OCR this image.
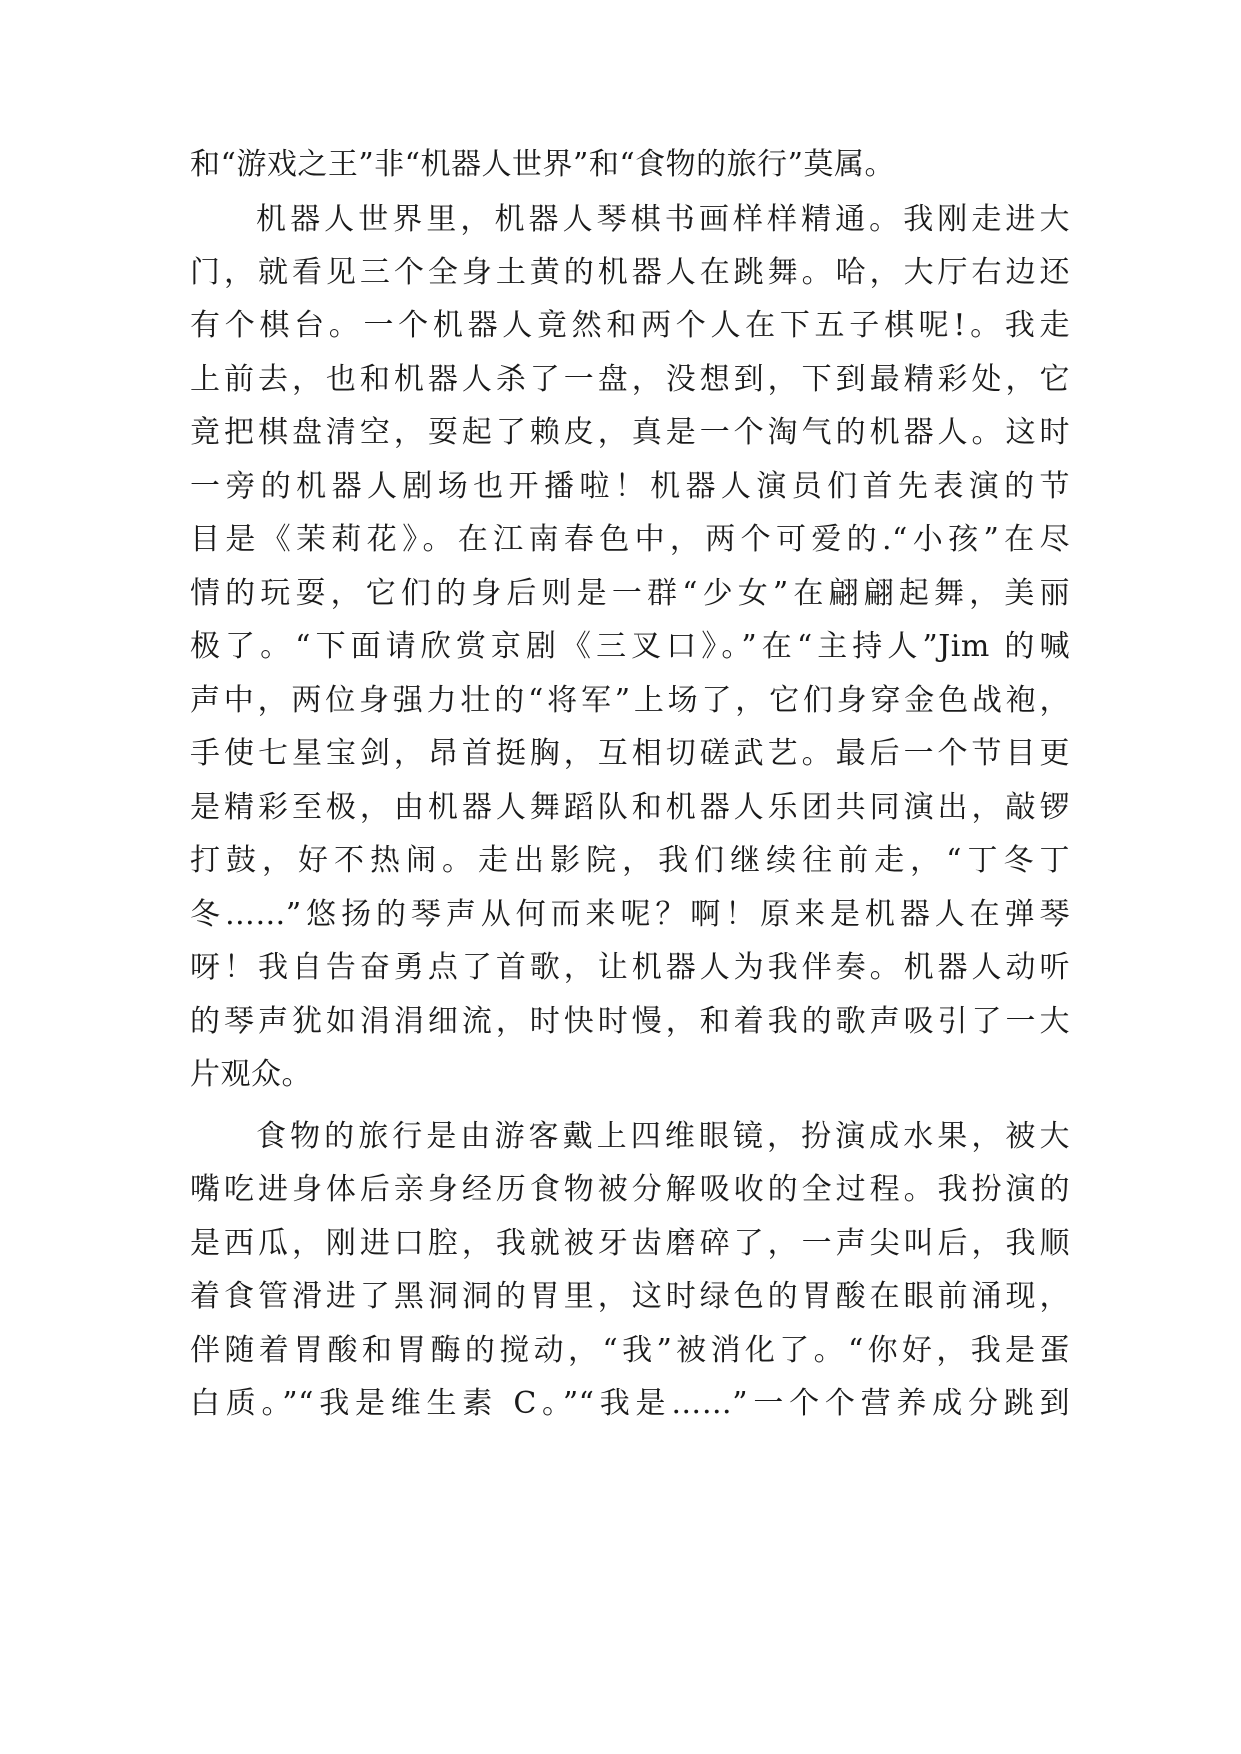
和“游戏之王”非“机器人世界”和“食物的旅行”莫属。
机器人世界里，机器人琴棋书画样样精通。我刚走进大
门，就看见三个全身土黄的机器人在跳舞。哈，大厅右边还
有个棋台。一个机器人竟然和两个人在下五子棋呢!。我走
上前去，也和机器人杀了一盘，没想到，下到最精彩处，它
竟把棋盘清空，耍起了赖皮，真是一个淘气的机器人。这时
一旁的机器人剧场也开播啦！机器人演员们首先表演的节
目是《茉莉花》。在江南春色中，两个可爱的.“小孩”在尽
情的玩耍，它们的身后则是一群“少女”在翩翩起舞，美丽
极了。“下面请欣赏京剧《三叉口》。”在“主持人”Jim 的喊
声中，两位身强力壮的“将军”上场了，它们身穿金色战袍，
手使七星宝剑，昂首挺胸，互相切磋武艺。最后一个节目更
是精彩至极，由机器人舞蹈队和机器人乐团共同演出，敲锣
打鼓，好不热闹。走出影院，我们继续往前走，“丁冬丁
冬……”悠扬的琴声从何而来呢？啊！原来是机器人在弹琴
呀！我自告奋勇点了首歌，让机器人为我伴奏。机器人动听
的琴声犹如涓涓细流，时快时慢，和着我的歌声吸引了一大
片观众。
食物的旅行是由游客戴上四维眼镜，扮演成水果，被大
嘴吃进身体后亲身经历食物被分解吸收的全过程。我扮演的
是西瓜，刚进口腔，我就被牙齿磨碎了，一声尖叫后，我顺
着食管滑进了黑洞洞的胃里，这时绿色的胃酸在眼前涌现，
伴随着胃酸和胃酶的搅动，“我”被消化了。“你好，我是蛋
白质。”“我是维生素 C。”“我是……”一个个营养成分跳到
